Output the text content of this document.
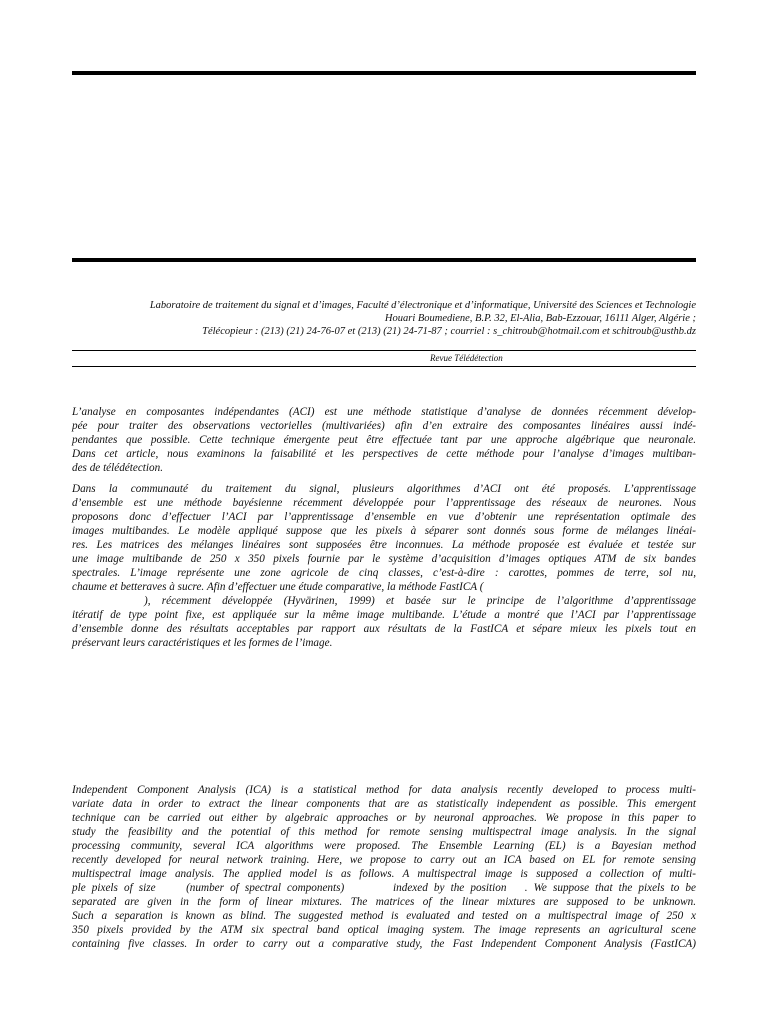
Laboratoire de traitement du signal et d’images, Faculté d’électronique et d’informatique, Université des Sciences et Technologie
Houari Boumediene, B.P. 32, El-Alia, Bab-Ezzouar, 16111 Alger, Algérie ;
Télécopieur : (213) (21) 24-76-07 et (213) (21) 24-71-87 ; courriel : s_chitroub@hotmail.com et schitroub@usthb.dz
Revue Télédétection
L’analyse en composantes indépendantes (ACI) est une méthode statistique d’analyse de données récemment dévelop-
pée pour traiter des observations vectorielles (multivariées) afin d’en extraire des composantes linéaires aussi indé-
pendantes que possible. Cette technique émergente peut être effectuée tant par une approche algébrique que neuronale.
Dans cet article, nous examinons la faisabilité et les perspectives de cette méthode pour l’analyse d’images multiban-
des de télédétection.
Dans la communauté du traitement du signal, plusieurs algorithmes d’ACI ont été proposés. L’apprentissage
d’ensemble est une méthode bayésienne récemment développée pour l’apprentissage des réseaux de neurones. Nous
proposons donc d’effectuer l’ACI par l’apprentissage d’ensemble en vue d’obtenir une représentation optimale des
images multibandes. Le modèle appliqué suppose que les pixels à séparer sont donnés sous forme de mélanges linéai-
res. Les matrices des mélanges linéaires sont supposées être inconnues. La méthode proposée est évaluée et testée sur
une image multibande de 250 x 350 pixels fournie par le système d’acquisition d’images optiques ATM de six bandes
spectrales. L’image représente une zone agricole de cinq classes, c’est-à-dire : carottes, pommes de terre, sol nu,
chaume et betteraves à sucre. Afin d’effectuer une étude comparative, la méthode FastICA (
), récemment développée (Hyvärinen, 1999) et basée sur le principe de l’algorithme d’apprentissage
itératif de type point fixe, est appliquée sur la même image multibande. L’étude a montré que l’ACI par l’apprentissage
d’ensemble donne des résultats acceptables par rapport aux résultats de la FastICA et sépare mieux les pixels tout en
préservant leurs caractéristiques et les formes de l’image.
Independent Component Analysis (ICA) is a statistical method for data analysis recently developed to process multi-
variate data in order to extract the linear components that are as statistically independent as possible. This emergent
technique can be carried out either by algebraic approaches or by neuronal approaches. We propose in this paper to
study the feasibility and the potential of this method for remote sensing multispectral image analysis. In the signal
processing community, several ICA algorithms were proposed. The Ensemble Learning (EL) is a Bayesian method
recently developed for neural network training. Here, we propose to carry out an ICA based on EL for remote sensing
multispectral image analysis. The applied model is as follows. A multispectral image is supposed a collection of multi-
ple pixels of size     (number of spectral components)        indexed by the position   . We suppose that the pixels to be
separated are given in the form of linear mixtures. The matrices of the linear mixtures are supposed to be unknown.
Such a separation is known as blind. The suggested method is evaluated and tested on a multispectral image of 250 x
350 pixels provided by the ATM six spectral band optical imaging system. The image represents an agricultural scene
containing five classes. In order to carry out a comparative study, the Fast Independent Component Analysis (FastICA)
